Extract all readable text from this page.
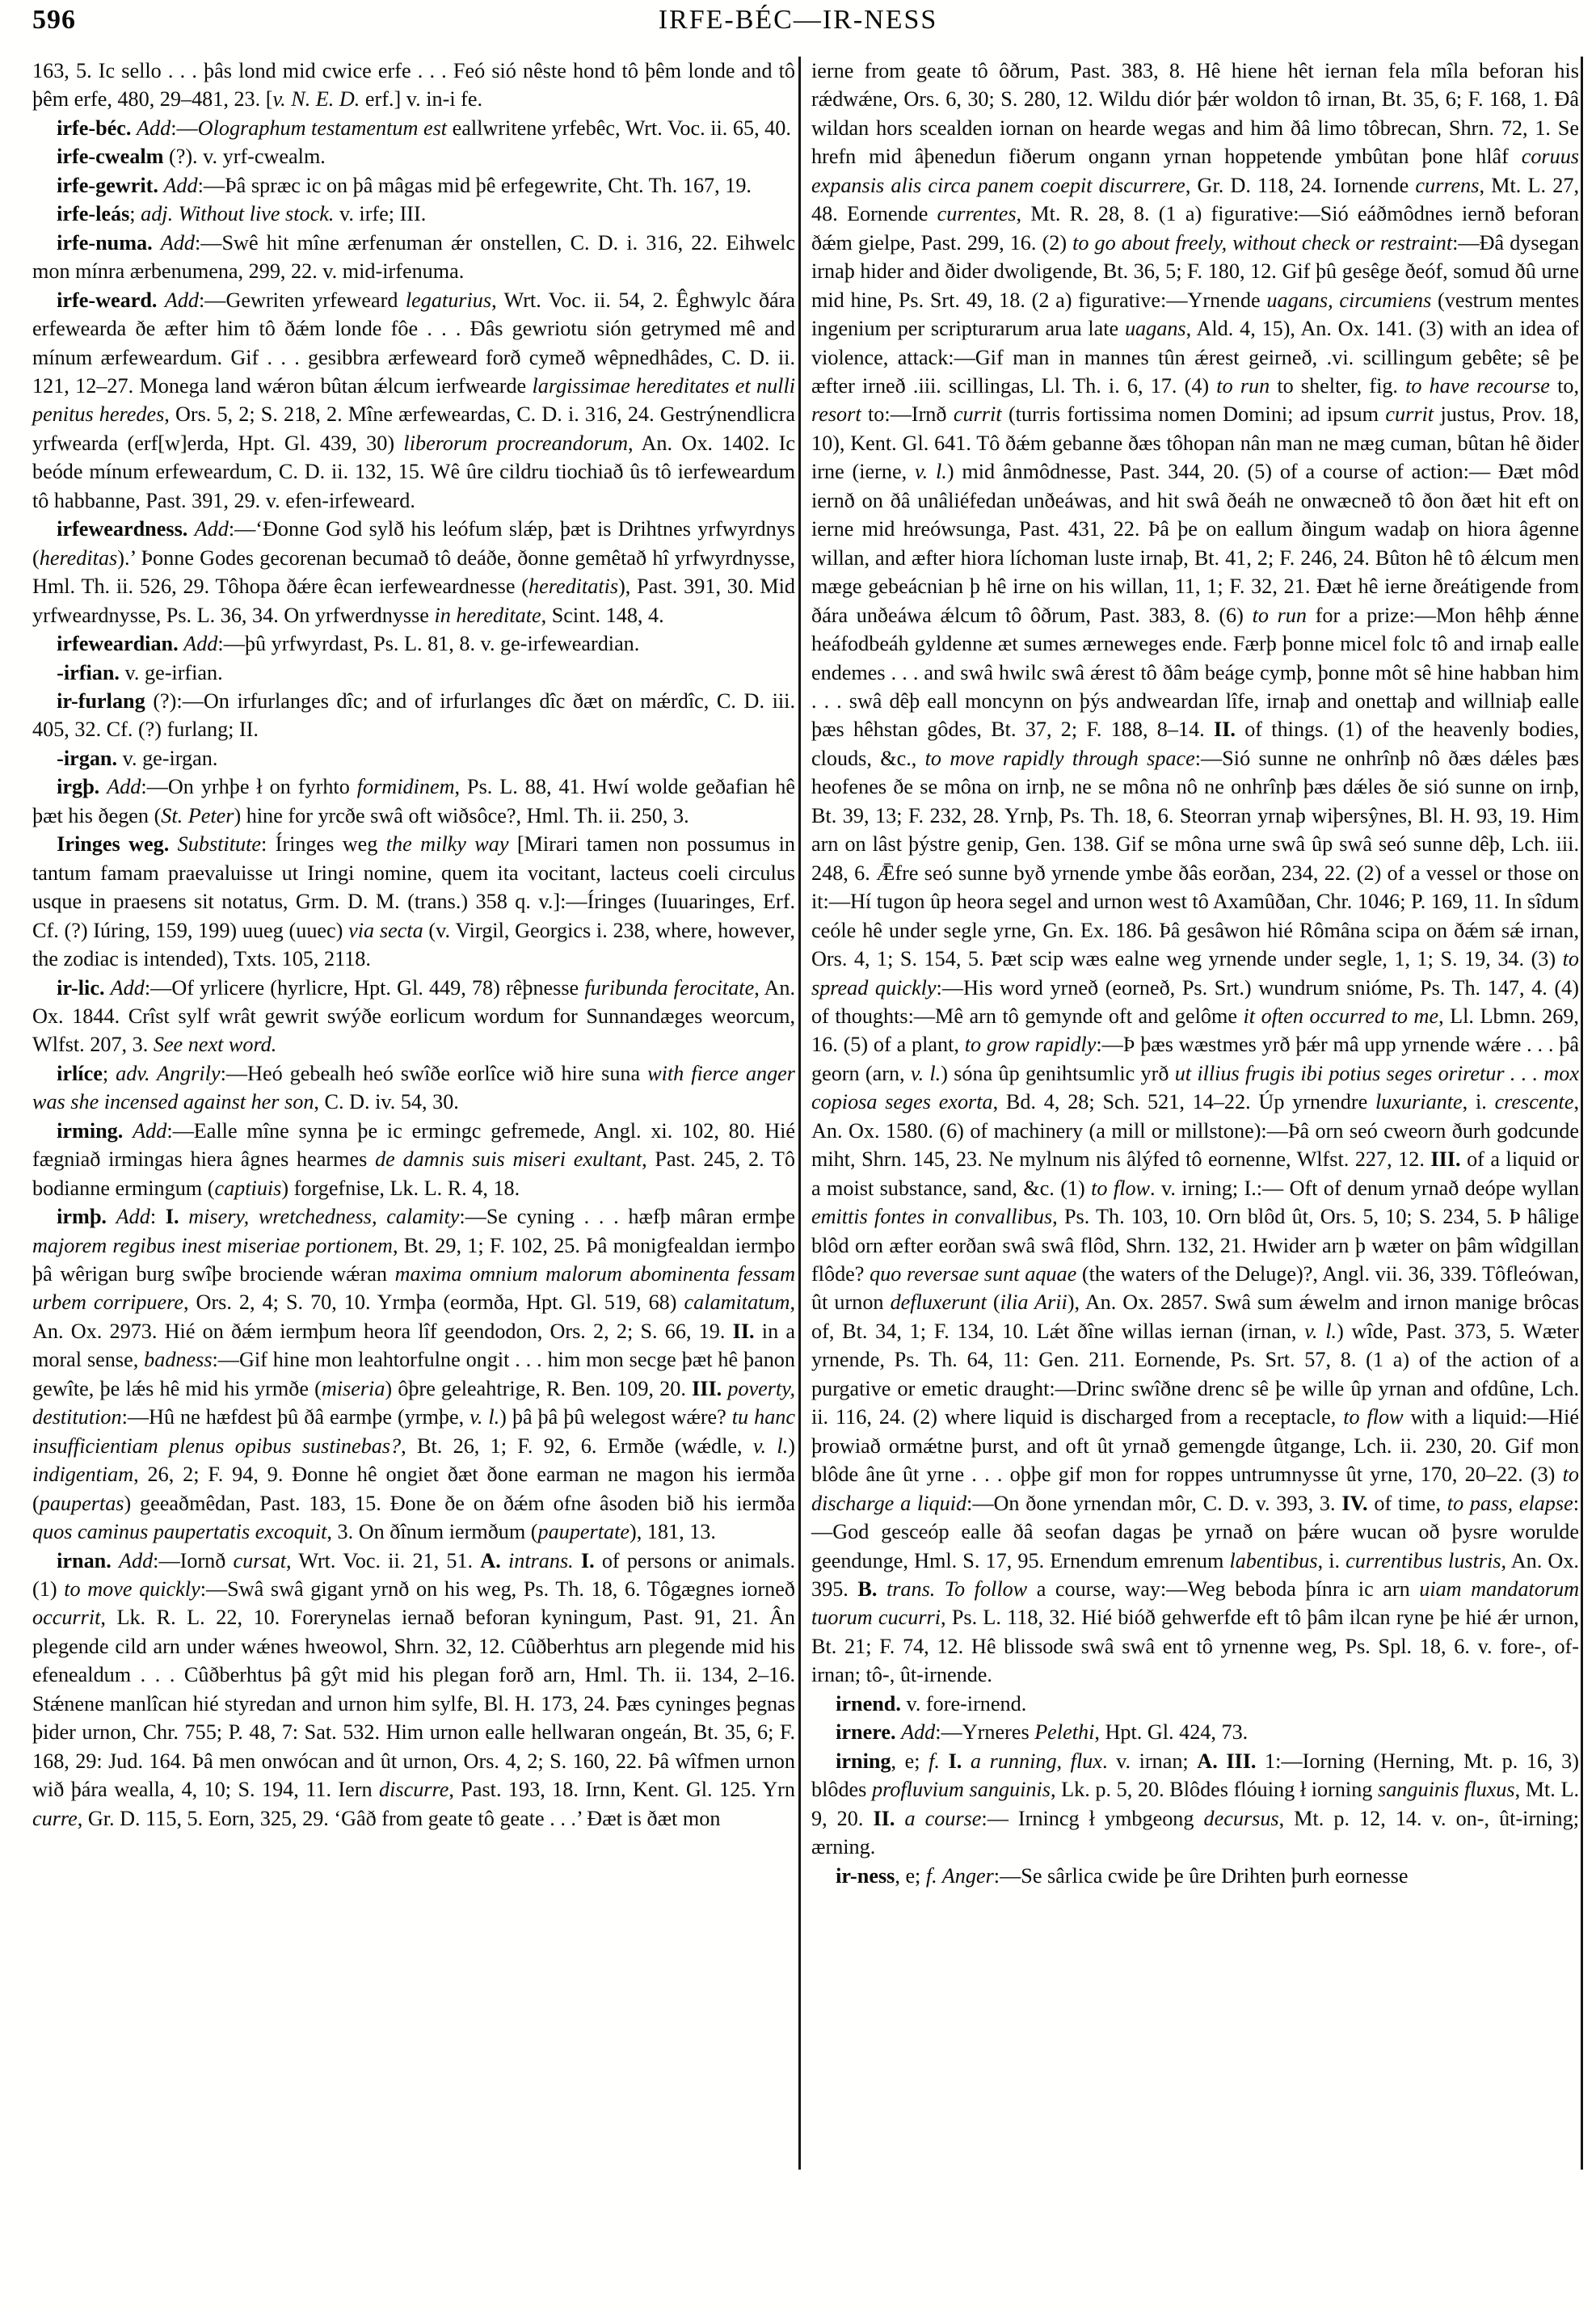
596	IRFE-BÉC—IR-NESS

163, 5. Ic sello . . . þâs lond mid cwice erfe . . . Feó sió nêste hond tô þêm londe and tô þêm erfe, 480, 29–481, 23. [v. N. E. D. erf.] v. in-i fe.

irfe-béc. Add:—Olographum testamentum est eallwritene yrfebêc, Wrt. Voc. ii. 65, 40.

irfe-cwealm (?). v. yrf-cwealm.

irfe-gewrit. Add:—Þâ spræc ic on þâ mâgas mid þê erfegewrite, Cht. Th. 167, 19.

irfe-leás; adj. Without live stock. v. irfe; III.

irfe-numa. Add:—Swê hit mîne ærfenuman ǽr onstellen, C. D. i. 316, 22. Eihwelc mon mínra ærbenumena, 299, 22. v. mid-irfenuma.

irfe-weard. Add:—Gewriten yrfeweard legaturius, Wrt. Voc. ii. 54, 2. Êghwylc ðára erfewearda ðe æfter him tô ðǽm londe fôe . . . Ðâs gewriotu sión getrymed mê and mínum ærfeweardum. Gif . . . gesibbra ærfeweard forð cymeð wêpnedhâdes, C. D. ii. 121, 12–27. Monega land wǽron bûtan ǽlcum ierfwearde largissimae hereditates et nulli penitus heredes, Ors. 5, 2; S. 218, 2. Mîne ærfeweardas, C. D. i. 316, 24. Gestrýnendlicra yrfwearda (erf[w]erda, Hpt. Gl. 439, 30) liberorum procreandorum, An. Ox. 1402. Ic beóde mínum erfeweardum, C. D. ii. 132, 15. Wê ûre cildru tiochiað ûs tô ierfeweardum tô habbanne, Past. 391, 29. v. efen-irfeweard.

irfeweardness. Add:—‘Ðonne God sylð his leófum slǽp, þæt is Drihtnes yrfwyrdnys (hereditas).’ Þonne Godes gecorenan becumað tô deáðe, ðonne gemêtað hî yrfwyrdnysse, Hml. Th. ii. 526, 29. Tôhopa ðǽre êcan ierfeweardnesse (hereditatis), Past. 391, 30. Mid yrfweardnysse, Ps. L. 36, 34. On yrfwerdnysse in hereditate, Scint. 148, 4.

irfeweardian. Add:—þû yrfwyrdast, Ps. L. 81, 8. v. ge-irfeweardian.

-irfian. v. ge-irfian.

ir-furlang (?):—On irfurlanges dîc; and of irfurlanges dîc ðæt on mǽrdîc, C. D. iii. 405, 32. Cf. (?) furlang; II.

-irgan. v. ge-irgan.

irgþ. Add:—On yrhþe ł on fyrhto formidinem, Ps. L. 88, 41. Hwí wolde geðafian hê þæt his ðegen (St. Peter) hine for yrcðe swâ oft wiðsôce?, Hml. Th. ii. 250, 3.

Iringes weg. Substitute: Íringes weg the milky way [Mirari tamen non possumus in tantum famam praevaluisse ut Iringi nomine, quem ita vocitant, lacteus coeli circulus usque in praesens sit notatus, Grm. D. M. (trans.) 358 q. v.]:—Íringes (Iuuaringes, Erf. Cf. (?) Iúring, 159, 199) uueg (uuec) via secta (v. Virgil, Georgics i. 238, where, however, the zodiac is intended), Txts. 105, 2118.

ir-lic. Add:—Of yrlicere (hyrlicre, Hpt. Gl. 449, 78) rêþnesse furibunda ferocitate, An. Ox. 1844. Crîst sylf wrât gewrit swýðe eorlicum wordum for Sunnandæges weorcum, Wlfst. 207, 3. See next word.

irlíce; adv. Angrily:—Heó gebealh heó swîðe eorlîce wið hire suna with fierce anger was she incensed against her son, C. D. iv. 54, 30.

irming. Add:—Ealle mîne synna þe ic ermingc gefremede, Angl. xi. 102, 80. Hié fægniað irmingas hiera âgnes hearmes de damnis suis miseri exultant, Past. 245, 2. Tô bodianne ermingum (captiuis) forgefnise, Lk. L. R. 4, 18.

irmþ. Add: I. misery, wretchedness, calamity:—Se cyning . . . hæfþ mâran ermþe majorem regibus inest miseriae portionem, Bt. 29, 1; F. 102, 25. Þâ monigfealdan iermþo þâ wêrigan burg swîþe brociende wǽran maxima omnium malorum abominenta fessam urbem corripuere, Ors. 2, 4; S. 70, 10. Yrmþa (eormða, Hpt. Gl. 519, 68) calamitatum, An. Ox. 2973. Hié on ðǽm iermþum heora lîf geendodon, Ors. 2, 2; S. 66, 19. II. in a moral sense, badness:—Gif hine mon leahtorfulne ongit . . . him mon secge þæt hê þanon gewîte, þe lǽs hê mid his yrmðe (miseria) ôþre geleahtrige, R. Ben. 109, 20. III. poverty, destitution:—Hû ne hæfdest þû ðâ earmþe (yrmþe, v. l.) þâ þâ þû welegost wǽre? tu hanc insufficientiam plenus opibus sustinebas?, Bt. 26, 1; F. 92, 6. Ermðe (wǽdle, v. l.) indigentiam, 26, 2; F. 94, 9. Ðonne hê ongiet ðæt ðone earman ne magon his iermða (paupertas) geeaðmêdan, Past. 183, 15. Ðone ðe on ðǽm ofne âsoden bið his iermða quos caminus paupertatis excoquit, 3. On ðînum iermðum (paupertate), 181, 13.

irnan. Add:—Iornð cursat, Wrt. Voc. ii. 21, 51. A. intrans. I. of persons or animals. (1) to move quickly:—Swâ swâ gigant yrnð on his weg, Ps. Th. 18, 6. Tôgægnes iorneð occurrit, Lk. R. L. 22, 10. Forerynelas iernað beforan kyningum, Past. 91, 21. Ân plegende cild arn under wǽnes hweowol, Shrn. 32, 12. Cûðberhtus arn plegende mid his efenealdum . . . Cûðberhtus þâ gŷt mid his plegan forð arn, Hml. Th. ii. 134, 2–16. Stǽnene manlîcan hié styredan and urnon him sylfe, Bl. H. 173, 24. Þæs cyninges þegnas þider urnon, Chr. 755; P. 48, 7: Sat. 532. Him urnon ealle hellwaran ongeán, Bt. 35, 6; F. 168, 29: Jud. 164. Þâ men onwócan and ût urnon, Ors. 4, 2; S. 160, 22. Þâ wîfmen urnon wið þára wealla, 4, 10; S. 194, 11. Iern discurre, Past. 193, 18. Irnn, Kent. Gl. 125. Yrn curre, Gr. D. 115, 5. Eorn, 325, 29. ‘Gâð from geate tô geate . . .’ Ðæt is ðæt mon

ierne from geate tô ôðrum, Past. 383, 8. Hê hiene hêt iernan fela mîla beforan his rǽdwǽne, Ors. 6, 30; S. 280, 12. Wildu diór þǽr woldon tô irnan, Bt. 35, 6; F. 168, 1. Ðâ wildan hors scealden iornan on hearde wegas and him ðâ limo tôbrecan, Shrn. 72, 1. Se hrefn mid âþenedun fiðerum ongann yrnan hoppetende ymbûtan þone hlâf coruus expansis alis circa panem coepit discurrere, Gr. D. 118, 24. Iornende currens, Mt. L. 27, 48. Eornende currentes, Mt. R. 28, 8. (1 a) figurative:—Sió eáðmôdnes iernð beforan ðǽm gielpe, Past. 299, 16. (2) to go about freely, without check or restraint:—Ðâ dysegan irnaþ hider and ðider dwoligende, Bt. 36, 5; F. 180, 12. Gif þû gesêge ðeóf, somud ðû urne mid hine, Ps. Srt. 49, 18. (2 a) figurative:—Yrnende uagans, circumiens (vestrum mentes ingenium per scripturarum arua late uagans, Ald. 4, 15), An. Ox. 141. (3) with an idea of violence, attack:—Gif man in mannes tûn ǽrest geirneð, .vi. scillingum gebête; sê þe æfter irneð .iii. scillingas, Ll. Th. i. 6, 17. (4) to run to shelter, fig. to have recourse to, resort to:—Irnð currit (turris fortissima nomen Domini; ad ipsum currit justus, Prov. 18, 10), Kent. Gl. 641. Tô ðǽm gebanne ðæs tôhopan nân man ne mæg cuman, bûtan hê ðider irne (ierne, v. l.) mid ânmôdnesse, Past. 344, 20. (5) of a course of action:— Ðæt môd iernð on ðâ unâliéfedan unðeáwas, and hit swâ ðeáh ne onwæcneð tô ðon ðæt hit eft on ierne mid hreówsunga, Past. 431, 22. Þâ þe on eallum ðingum wadaþ on hiora âgenne willan, and æfter hiora líchoman luste irnaþ, Bt. 41, 2; F. 246, 24. Bûton hê tô ǽlcum men mæge gebeácnian þ hê irne on his willan, 11, 1; F. 32, 21. Ðæt hê ierne ðreátigende from ðára unðeáwa ǽlcum tô ôðrum, Past. 383, 8. (6) to run for a prize:—Mon hêhþ ǽnne heáfodbeáh gyldenne æt sumes ærneweges ende. Færþ þonne micel folc tô and irnaþ ealle endemes . . . and swâ hwilc swâ ǽrest tô ðâm beáge cymþ, þonne môt sê hine habban him . . . swâ dêþ eall moncynn on þýs andweardan lîfe, irnaþ and onettaþ and willniaþ ealle þæs hêhstan gôdes, Bt. 37, 2; F. 188, 8–14. II. of things. (1) of the heavenly bodies, clouds, &c., to move rapidly through space:—Sió sunne ne onhrînþ nô ðæs dǽles þæs heofenes ðe se môna on irnþ, ne se môna nô ne onhrînþ þæs dǽles ðe sió sunne on irnþ, Bt. 39, 13; F. 232, 28. Yrnþ, Ps. Th. 18, 6. Steorran yrnaþ wiþersŷnes, Bl. H. 93, 19. Him arn on lâst þýstre genip, Gen. 138. Gif se môna urne swâ ûp swâ seó sunne dêþ, Lch. iii. 248, 6. Ǣfre seó sunne byð yrnende ymbe ðâs eorðan, 234, 22. (2) of a vessel or those on it:—Hí tugon ûp heora segel and urnon west tô Axamûðan, Chr. 1046; P. 169, 11. In sîdum ceóle hê under segle yrne, Gn. Ex. 186. Þâ gesâwon hié Rômâna scipa on ðǽm sǽ irnan, Ors. 4, 1; S. 154, 5. Þæt scip wæs ealne weg yrnende under segle, 1, 1; S. 19, 34. (3) to spread quickly:—His word yrneð (eorneð, Ps. Srt.) wundrum snióme, Ps. Th. 147, 4. (4) of thoughts:—Mê arn tô gemynde oft and gelôme it often occurred to me, Ll. Lbmn. 269, 16. (5) of a plant, to grow rapidly:—Þ þæs wæstmes yrð þǽr mâ upp yrnende wǽre . . . þâ georn (arn, v. l.) sóna ûp genihtsumlic yrð ut illius frugis ibi potius seges oriretur . . . mox copiosa seges exorta, Bd. 4, 28; Sch. 521, 14–22. Úp yrnendre luxuriante, i. crescente, An. Ox. 1580. (6) of machinery (a mill or millstone):—Þâ orn seó cweorn ðurh godcunde miht, Shrn. 145, 23. Ne mylnum nis âlýfed tô eornenne, Wlfst. 227, 12. III. of a liquid or a moist substance, sand, &c. (1) to flow. v. irning; I.:— Oft of denum yrnað deópe wyllan emittis fontes in convallibus, Ps. Th. 103, 10. Orn blôd ût, Ors. 5, 10; S. 234, 5. Þ hâlige blôd orn æfter eorðan swâ swâ flôd, Shrn. 132, 21. Hwider arn þ wæter on þâm wîdgillan flôde? quo reversae sunt aquae (the waters of the Deluge)?, Angl. vii. 36, 339. Tôfleówan, ût urnon defluxerunt (ilia Arii), An. Ox. 2857. Swâ sum ǽwelm and irnon manige brôcas of, Bt. 34, 1; F. 134, 10. Lǽt ðîne willas iernan (irnan, v. l.) wîde, Past. 373, 5. Wæter yrnende, Ps. Th. 64, 11: Gen. 211. Eornende, Ps. Srt. 57, 8. (1 a) of the action of a purgative or emetic draught:—Drinc swîðne drenc sê þe wille ûp yrnan and ofdûne, Lch. ii. 116, 24. (2) where liquid is discharged from a receptacle, to flow with a liquid:—Hié þrowiað ormǽtne þurst, and oft ût yrnað gemengde ûtgange, Lch. ii. 230, 20. Gif mon blôde âne ût yrne . . . oþþe gif mon for roppes untrumnysse ût yrne, 170, 20–22. (3) to discharge a liquid:—On ðone yrnendan môr, C. D. v. 393, 3. IV. of time, to pass, elapse:—God gesceóp ealle ðâ seofan dagas þe yrnað on þǽre wucan oð þysre worulde geendunge, Hml. S. 17, 95. Ernendum emrenum labentibus, i. currentibus lustris, An. Ox. 395. B. trans. To follow a course, way:—Weg beboda þínra ic arn uiam mandatorum tuorum cucurri, Ps. L. 118, 32. Hié bióð gehwerfde eft tô þâm ilcan ryne þe hié ǽr urnon, Bt. 21; F. 74, 12. Hê blissode swâ swâ ent tô yrnenne weg, Ps. Spl. 18, 6. v. fore-, of-irnan; tô-, ût-irnende.

irnend. v. fore-irnend.

irnere. Add:—Yrneres Pelethi, Hpt. Gl. 424, 73.

irning, e; f. I. a running, flux. v. irnan; A. III. 1:—Iorning (Herning, Mt. p. 16, 3) blôdes profluvium sanguinis, Lk. p. 5, 20. Blôdes flóuing ł iorning sanguinis fluxus, Mt. L. 9, 20. II. a course:— Irnincg ł ymbgeong decursus, Mt. p. 12, 14. v. on-, ût-irning; ærning.

ir-ness, e; f. Anger:—Se sârlica cwide þe ûre Drihten þurh eornesse
